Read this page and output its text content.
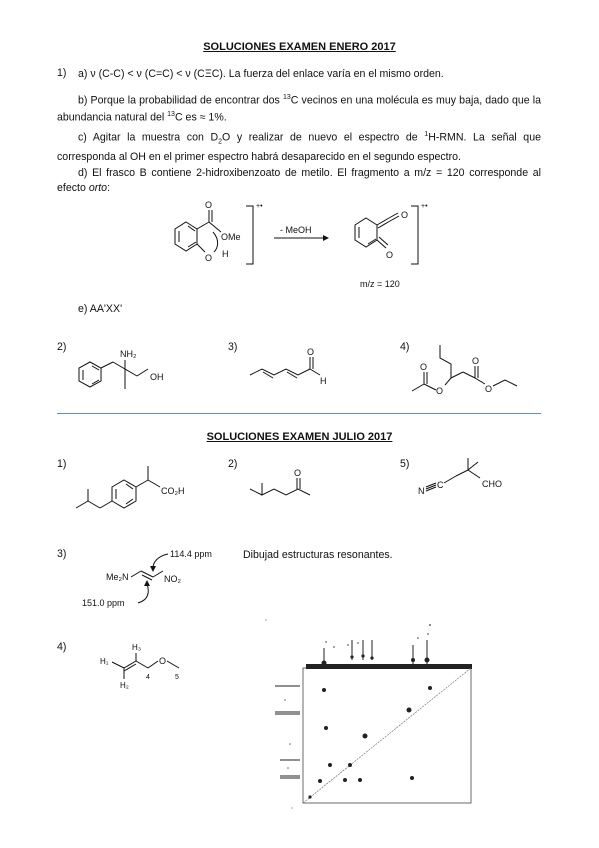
SOLUCIONES EXAMEN ENERO 2017
1) a) ν (C-C) < ν (C=C) < ν (CΞC). La fuerza del enlace varía en el mismo orden.
b) Porque la probabilidad de encontrar dos $^{13}$C vecinos en una molécula es muy baja, dado que la abundancia natural del $^{13}$C es ≈ 1%.
c) Agitar la muestra con $D_2O$ y realizar de nuevo el espectro de $^1$H-RMN. La señal que corresponda al OH en el primer espectro habrá desaparecido en el segundo espectro.
d) El frasco B contiene 2-hidroxibenzoato de metilo. El fragmento a m/z = 120 corresponde al efecto orto:
O
OMe
O H
+•
- MeOH
O
O
+•
m/z = 120
e) AA'XX'
2)
NH₂
OH
3)	O
H
4)
O
O
O
O
SOLUCIONES EXAMEN JULIO 2017
1)
CO₂H
2)
O
5)
N
C	CHO
3)	114.4 ppm
Me₂N	NO₂
151.0 ppm
4)
H₁
H₃
H₂
4
O
5
Dibujad estructuras resonantes.
